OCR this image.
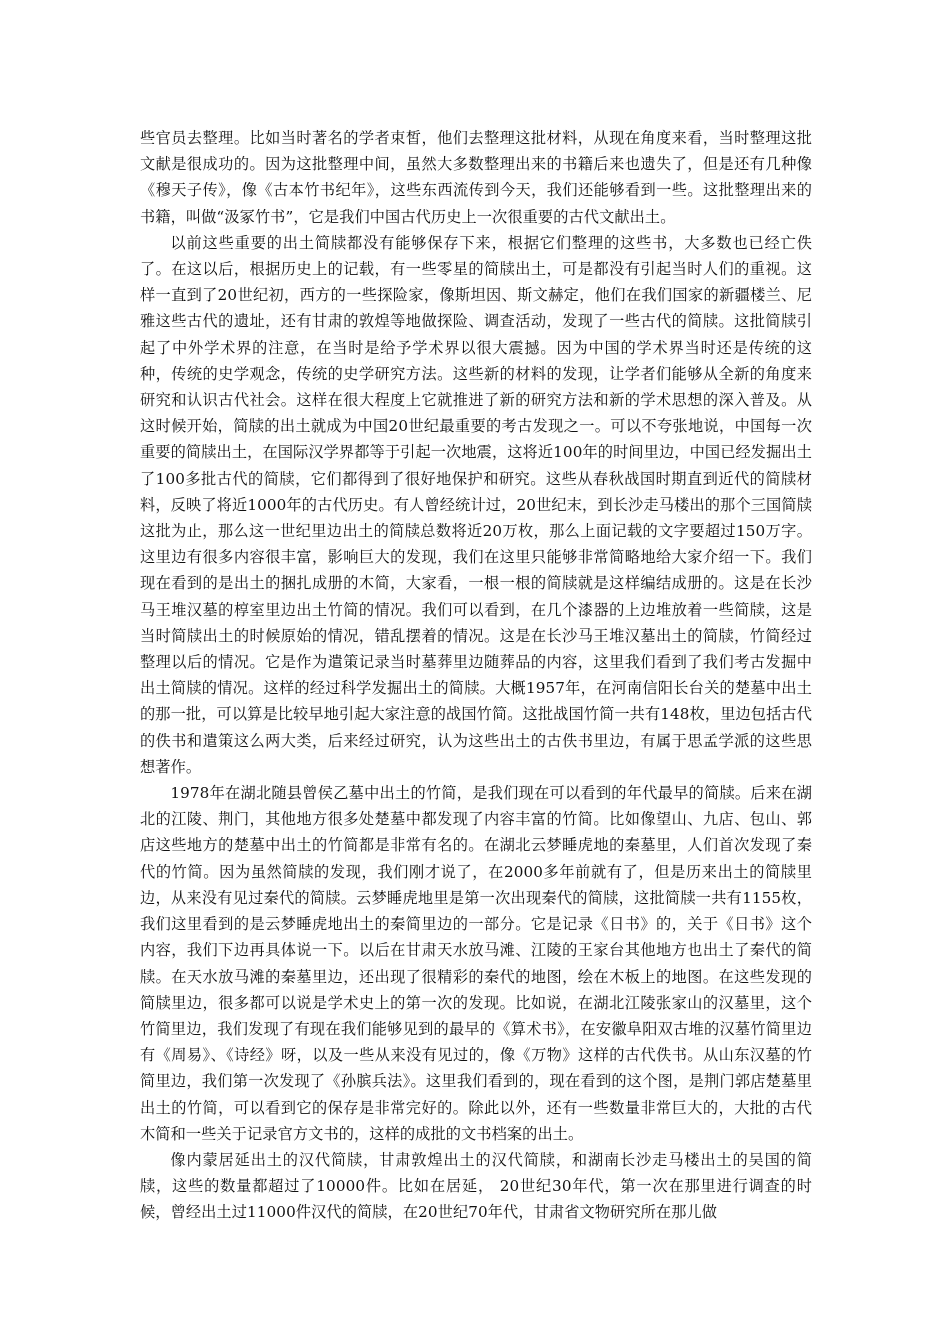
些官员去整理。比如当时著名的学者束皙，他们去整理这批材料，从现在角度来看，当时整理这批文献是很成功的。因为这批整理中间，虽然大多数整理出来的书籍后来也遗失了，但是还有几种像《穆天子传》，像《古本竹书纪年》，这些东西流传到今天，我们还能够看到一些。这批整理出来的书籍，叫做“汲冢竹书”，它是我们中国古代历史上一次很重要的古代文献出土。

以前这些重要的出土简牍都没有能够保存下来，根据它们整理的这些书，大多数也已经亡佚了。在这以后，根据历史上的记载，有一些零星的简牍出土，可是都没有引起当时人们的重视。这样一直到了20世纪初，西方的一些探险家，像斯坦因、斯文赫定，他们在我们国家的新疆楼兰、尼雅这些古代的遗址，还有甘肃的敦煌等地做探险、调查活动，发现了一些古代的简牍。这批简牍引起了中外学术界的注意，在当时是给予学术界以很大震撼。因为中国的学术界当时还是传统的这种，传统的史学观念，传统的史学研究方法。这些新的材料的发现，让学者们能够从全新的角度来研究和认识古代社会。这样在很大程度上它就推进了新的研究方法和新的学术思想的深入普及。从这时候开始，简牍的出土就成为中国20世纪最重要的考古发现之一。可以不夸张地说，中国每一次重要的简牍出土，在国际汉学界都等于引起一次地震，这将近100年的时间里边，中国已经发掘出土了100多批古代的简牍，它们都得到了很好地保护和研究。这些从春秋战国时期直到近代的简牍材料，反映了将近1000年的古代历史。有人曾经统计过，20世纪末，到长沙走马楼出的那个三国简牍这批为止，那么这一世纪里边出土的简牍总数将近20万枚，那么上面记载的文字要超过150万字。这里边有很多内容很丰富，影响巨大的发现，我们在这里只能够非常简略地给大家介绍一下。我们现在看到的是出土的捆扎成册的木简，大家看，一根一根的简牍就是这样编结成册的。这是在长沙马王堆汉墓的椁室里边出土竹简的情况。我们可以看到，在几个漆器的上边堆放着一些简牍，这是当时简牍出土的时候原始的情况，错乱摆着的情况。这是在长沙马王堆汉墓出土的简牍，竹简经过整理以后的情况。它是作为遣策记录当时墓葬里边随葬品的内容，这里我们看到了我们考古发掘中出土简牍的情况。这样的经过科学发掘出土的简牍。大概1957年，在河南信阳长台关的楚墓中出土的那一批，可以算是比较早地引起大家注意的战国竹简。这批战国竹简一共有148枚，里边包括古代的佚书和遣策这么两大类，后来经过研究，认为这些出土的古佚书里边，有属于思孟学派的这些思想著作。

1978年在湖北随县曾侯乙墓中出土的竹简，是我们现在可以看到的年代最早的简牍。后来在湖北的江陵、荆门，其他地方很多处楚墓中都发现了内容丰富的竹简。比如像望山、九店、包山、郭店这些地方的楚墓中出土的竹简都是非常有名的。在湖北云梦睡虎地的秦墓里，人们首次发现了秦代的竹简。因为虽然简牍的发现，我们刚才说了，在2000多年前就有了，但是历来出土的简牍里边，从来没有见过秦代的简牍。云梦睡虎地里是第一次出现秦代的简牍，这批简牍一共有1155枚，我们这里看到的是云梦睡虎地出土的秦简里边的一部分。它是记录《日书》的，关于《日书》这个内容，我们下边再具体说一下。以后在甘肃天水放马滩、江陵的王家台其他地方也出土了秦代的简牍。在天水放马滩的秦墓里边，还出现了很精彩的秦代的地图，绘在木板上的地图。在这些发现的简牍里边，很多都可以说是学术史上的第一次的发现。比如说，在湖北江陵张家山的汉墓里，这个竹简里边，我们发现了有现在我们能够见到的最早的《算术书》，在安徽阜阳双古堆的汉墓竹简里边有《周易》、《诗经》呀，以及一些从来没有见过的，像《万物》这样的古代佚书。从山东汉墓的竹简里边，我们第一次发现了《孙膑兵法》。这里我们看到的，现在看到的这个图，是荆门郭店楚墓里出土的竹简，可以看到它的保存是非常完好的。除此以外，还有一些数量非常巨大的，大批的古代木简和一些关于记录官方文书的，这样的成批的文书档案的出土。

像内蒙居延出土的汉代简牍，甘肃敦煌出土的汉代简牍，和湖南长沙走马楼出土的吴国的简牍，这些的数量都超过了10000件。比如在居延， 20世纪30年代，第一次在那里进行调查的时候，曾经出土过11000件汉代的简牍，在20世纪70年代，甘肃省文物研究所在那儿做
